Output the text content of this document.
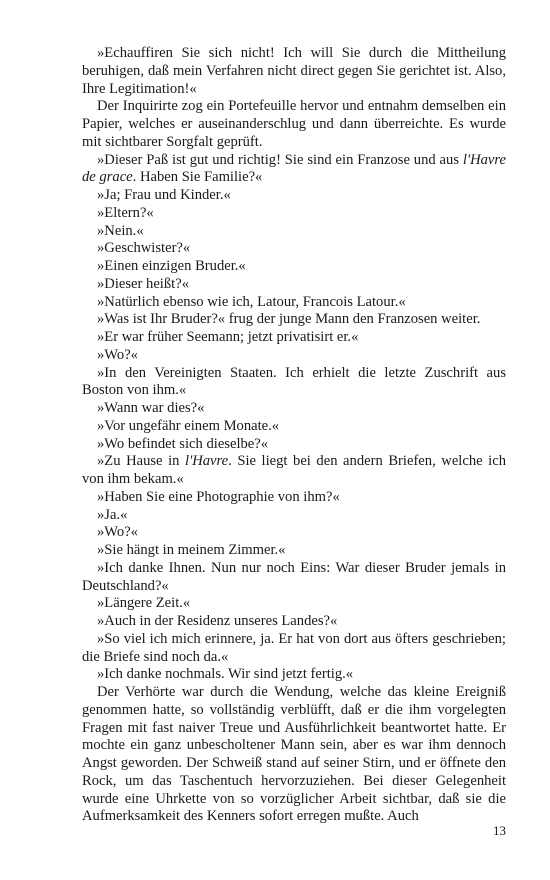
»Echauffiren Sie sich nicht! Ich will Sie durch die Mittheilung beruhigen, daß mein Verfahren nicht direct gegen Sie gerichtet ist. Also, Ihre Legitimation!«

Der Inquirirte zog ein Portefeuille hervor und entnahm demselben ein Papier, welches er auseinanderschlug und dann überreichte. Es wurde mit sichtbarer Sorgfalt geprüft.

»Dieser Paß ist gut und richtig! Sie sind ein Franzose und aus l'Havre de grace. Haben Sie Familie?«

»Ja; Frau und Kinder.«

»Eltern?«

»Nein.«

»Geschwister?«

»Einen einzigen Bruder.«

»Dieser heißt?«

»Natürlich ebenso wie ich, Latour, Francois Latour.«

»Was ist Ihr Bruder?« frug der junge Mann den Franzosen weiter.

»Er war früher Seemann; jetzt privatisirt er.«

»Wo?«

»In den Vereinigten Staaten. Ich erhielt die letzte Zuschrift aus Boston von ihm.«

»Wann war dies?«

»Vor ungefähr einem Monate.«

»Wo befindet sich dieselbe?«

»Zu Hause in l'Havre. Sie liegt bei den andern Briefen, welche ich von ihm bekam.«

»Haben Sie eine Photographie von ihm?«

»Ja.«

»Wo?«

»Sie hängt in meinem Zimmer.«

»Ich danke Ihnen. Nun nur noch Eins: War dieser Bruder jemals in Deutschland?«

»Längere Zeit.«

»Auch in der Residenz unseres Landes?«

»So viel ich mich erinnere, ja. Er hat von dort aus öfters geschrieben; die Briefe sind noch da.«

»Ich danke nochmals. Wir sind jetzt fertig.«

Der Verhörte war durch die Wendung, welche das kleine Ereigniß genommen hatte, so vollständig verblüfft, daß er die ihm vorgelegten Fragen mit fast naiver Treue und Ausführlichkeit beantwortet hatte. Er mochte ein ganz unbescholtener Mann sein, aber es war ihm dennoch Angst geworden. Der Schweiß stand auf seiner Stirn, und er öffnete den Rock, um das Taschentuch hervorzuziehen. Bei dieser Gelegenheit wurde eine Uhrkette von so vorzüglicher Arbeit sichtbar, daß sie die Aufmerksamkeit des Kenners sofort erregen mußte. Auch

13
